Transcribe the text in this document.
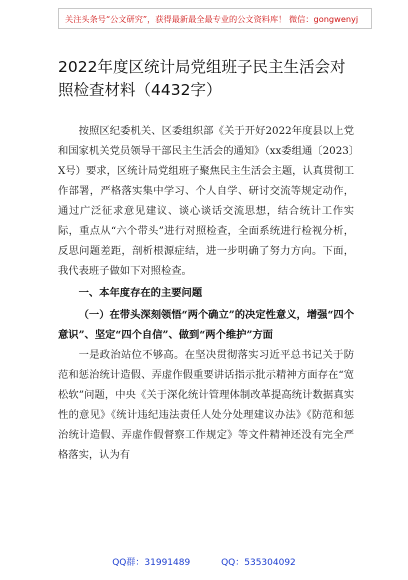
关注头条号“公文研究”，获得最新最全最专业的公文资料库！ 微信：gongwenyj
2022年度区统计局党组班子民主生活会对照检查材料（4432字）

按照区纪委机关、区委组织部《关于开好2022年度县以上党和国家机关党员领导干部民主生活会的通知》（xx委组通〔2023〕X号）要求，区统计局党组班子聚焦民主生活会主题，认真贯彻工作部署，严格落实集中学习、个人自学、研讨交流等规定动作，通过广泛征求意见建议、谈心谈话交流思想，结合统计工作实际，重点从“六个带头”进行对照检查，全面系统进行检视分析，反思问题差距，剖析根源症结，进一步明确了努力方向。下面，我代表班子做如下对照检查。

一、本年度存在的主要问题

（一）在带头深刻领悟“两个确立”的决定性意义，增强“四个意识”、坚定“四个自信”、做到“两个维护”方面

一是政治站位不够高。在坚决贯彻落实习近平总书记关于防范和惩治统计造假、弄虚作假重要讲话指示批示精神方面存在“宽松软”问题，中央《关于深化统计管理体制改革提高统计数据真实性的意见》《统计违纪违法责任人处分处理建议办法》《防范和惩治统计造假、弄虚作假督察工作规定》等文件精神还没有完全严格落实，认为有

QQ群：31991489	QQ：535304092
